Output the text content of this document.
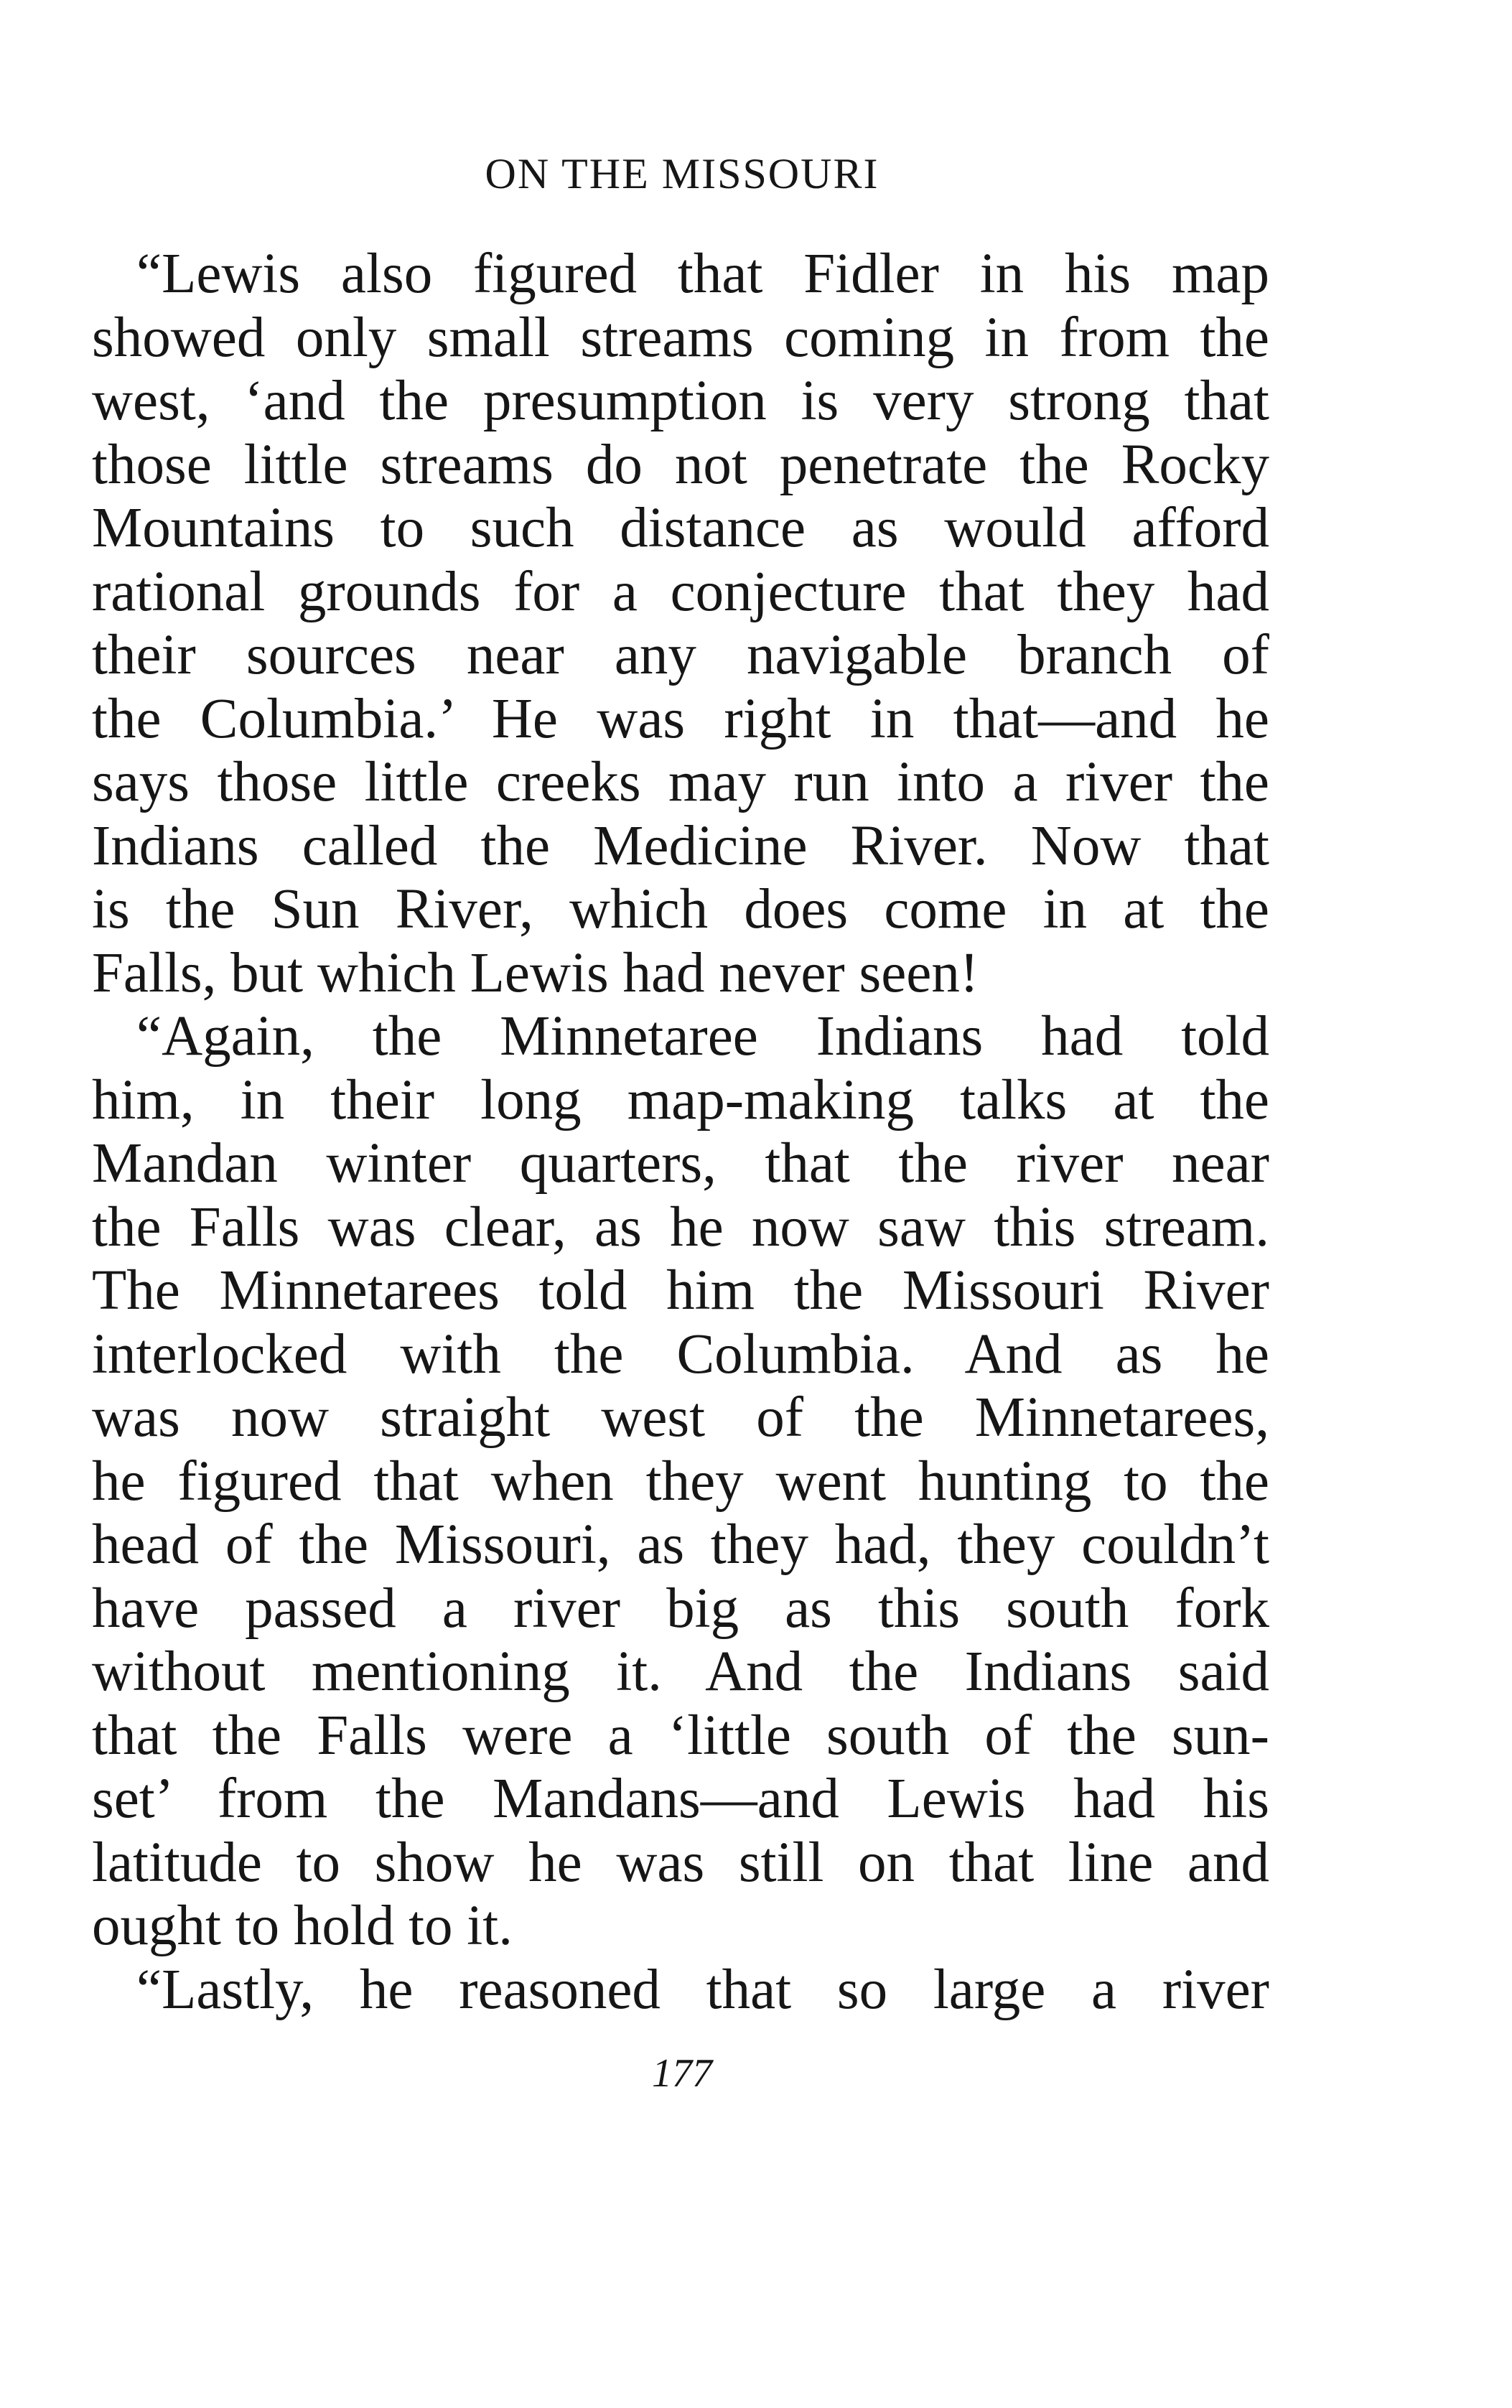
ON THE MISSOURI
“Lewis also figured that Fidler in his map
showed only small streams coming in from the
west, ‘and the presumption is very strong that
those little streams do not penetrate the Rocky
Mountains to such distance as would afford
rational grounds for a conjecture that they had
their sources near any navigable branch of
the Columbia.’ He was right in that—and he
says those little creeks may run into a river the
Indians called the Medicine River. Now that
is the Sun River, which does come in at the
Falls, but which Lewis had never seen!
“Again, the Minnetaree Indians had told
him, in their long map-making talks at the
Mandan winter quarters, that the river near
the Falls was clear, as he now saw this stream.
The Minnetarees told him the Missouri River
interlocked with the Columbia. And as he
was now straight west of the Minnetarees,
he figured that when they went hunting to the
head of the Missouri, as they had, they couldn’t
have passed a river big as this south fork
without mentioning it. And the Indians said
that the Falls were a ‘little south of the sun-
set’ from the Mandans—and Lewis had his
latitude to show he was still on that line and
ought to hold to it.
“Lastly, he reasoned that so large a river
177
